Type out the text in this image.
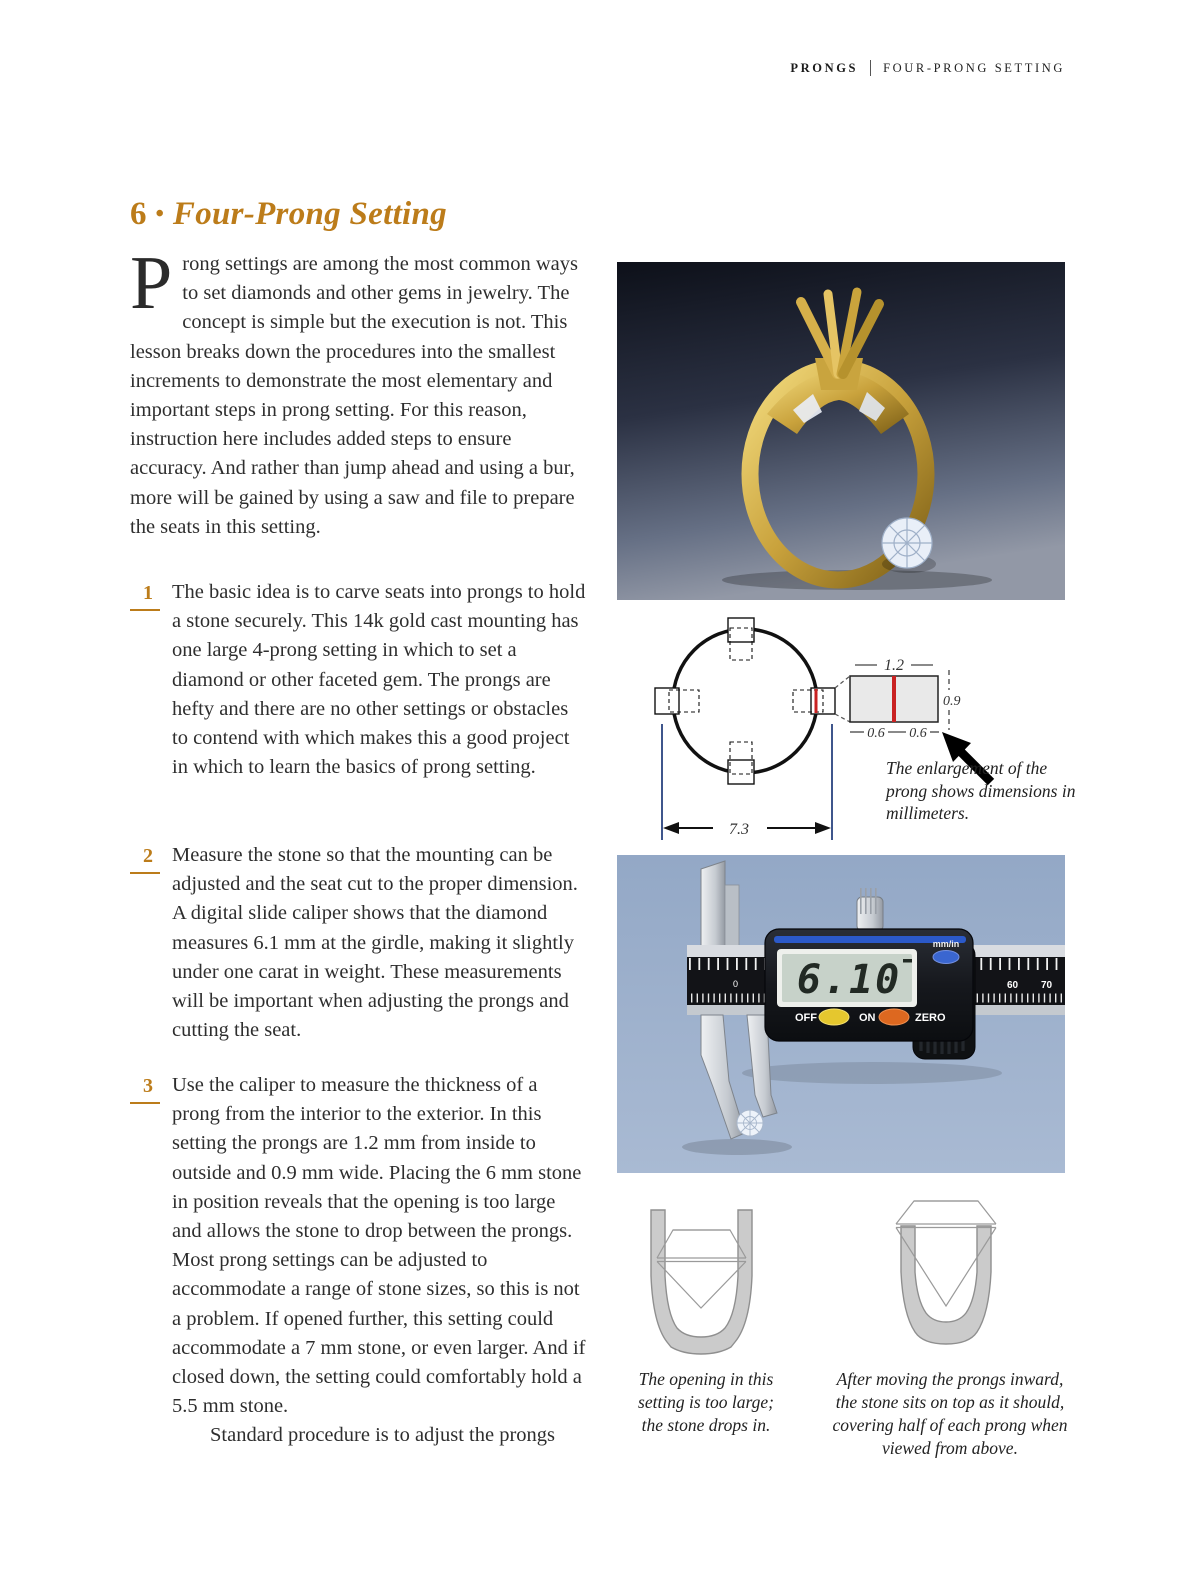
PRONGS FOUR-PRONG SETTING
6 • Four-Prong Setting

Prong settings are among the most common ways to set diamonds and other gems in jewelry. The concept is simple but the execution is not. This lesson breaks down the procedures into the smallest increments to demonstrate the most elementary and important steps in prong setting. For this reason, instruction here includes added steps to ensure accuracy. And rather than jump ahead and using a bur, more will be gained by using a saw and file to prepare the seats in this setting.

1 The basic idea is to carve seats into prongs to hold a stone securely. This 14k gold cast mounting has one large 4-prong setting in which to set a diamond or other faceted gem. The prongs are hefty and there are no other settings or obstacles to contend with which makes this a good project in which to learn the basics of prong setting.

2 Measure the stone so that the mounting can be adjusted and the seat cut to the proper dimension. A digital slide caliper shows that the diamond measures 6.1 mm at the girdle, making it slightly under one carat in weight. These measurements will be important when adjusting the prongs and cutting the seat.

3 Use the caliper to measure the thickness of a prong from the interior to the exterior. In this setting the prongs are 1.2 mm from inside to outside and 0.9 mm wide. Placing the 6 mm stone in position reveals that the opening is too large and allows the stone to drop between the prongs. Most prong settings can be adjusted to accommodate a range of stone sizes, so this is not a problem. If opened further, this setting could accommodate a 7 mm stone, or even larger. And if closed down, the setting could comfortably hold a 5.5 mm stone.

Standard procedure is to adjust the prongs

7.3
1.2
0.9
0.6 0.6
The enlargement of the prong shows dimensions in millimeters.
0	60 70
6.10
mm/in
OFF	ON	ZERO
The opening in this setting is too large; the stone drops in.
After moving the prongs inward, the stone sits on top as it should, covering half of each prong when viewed from above.
